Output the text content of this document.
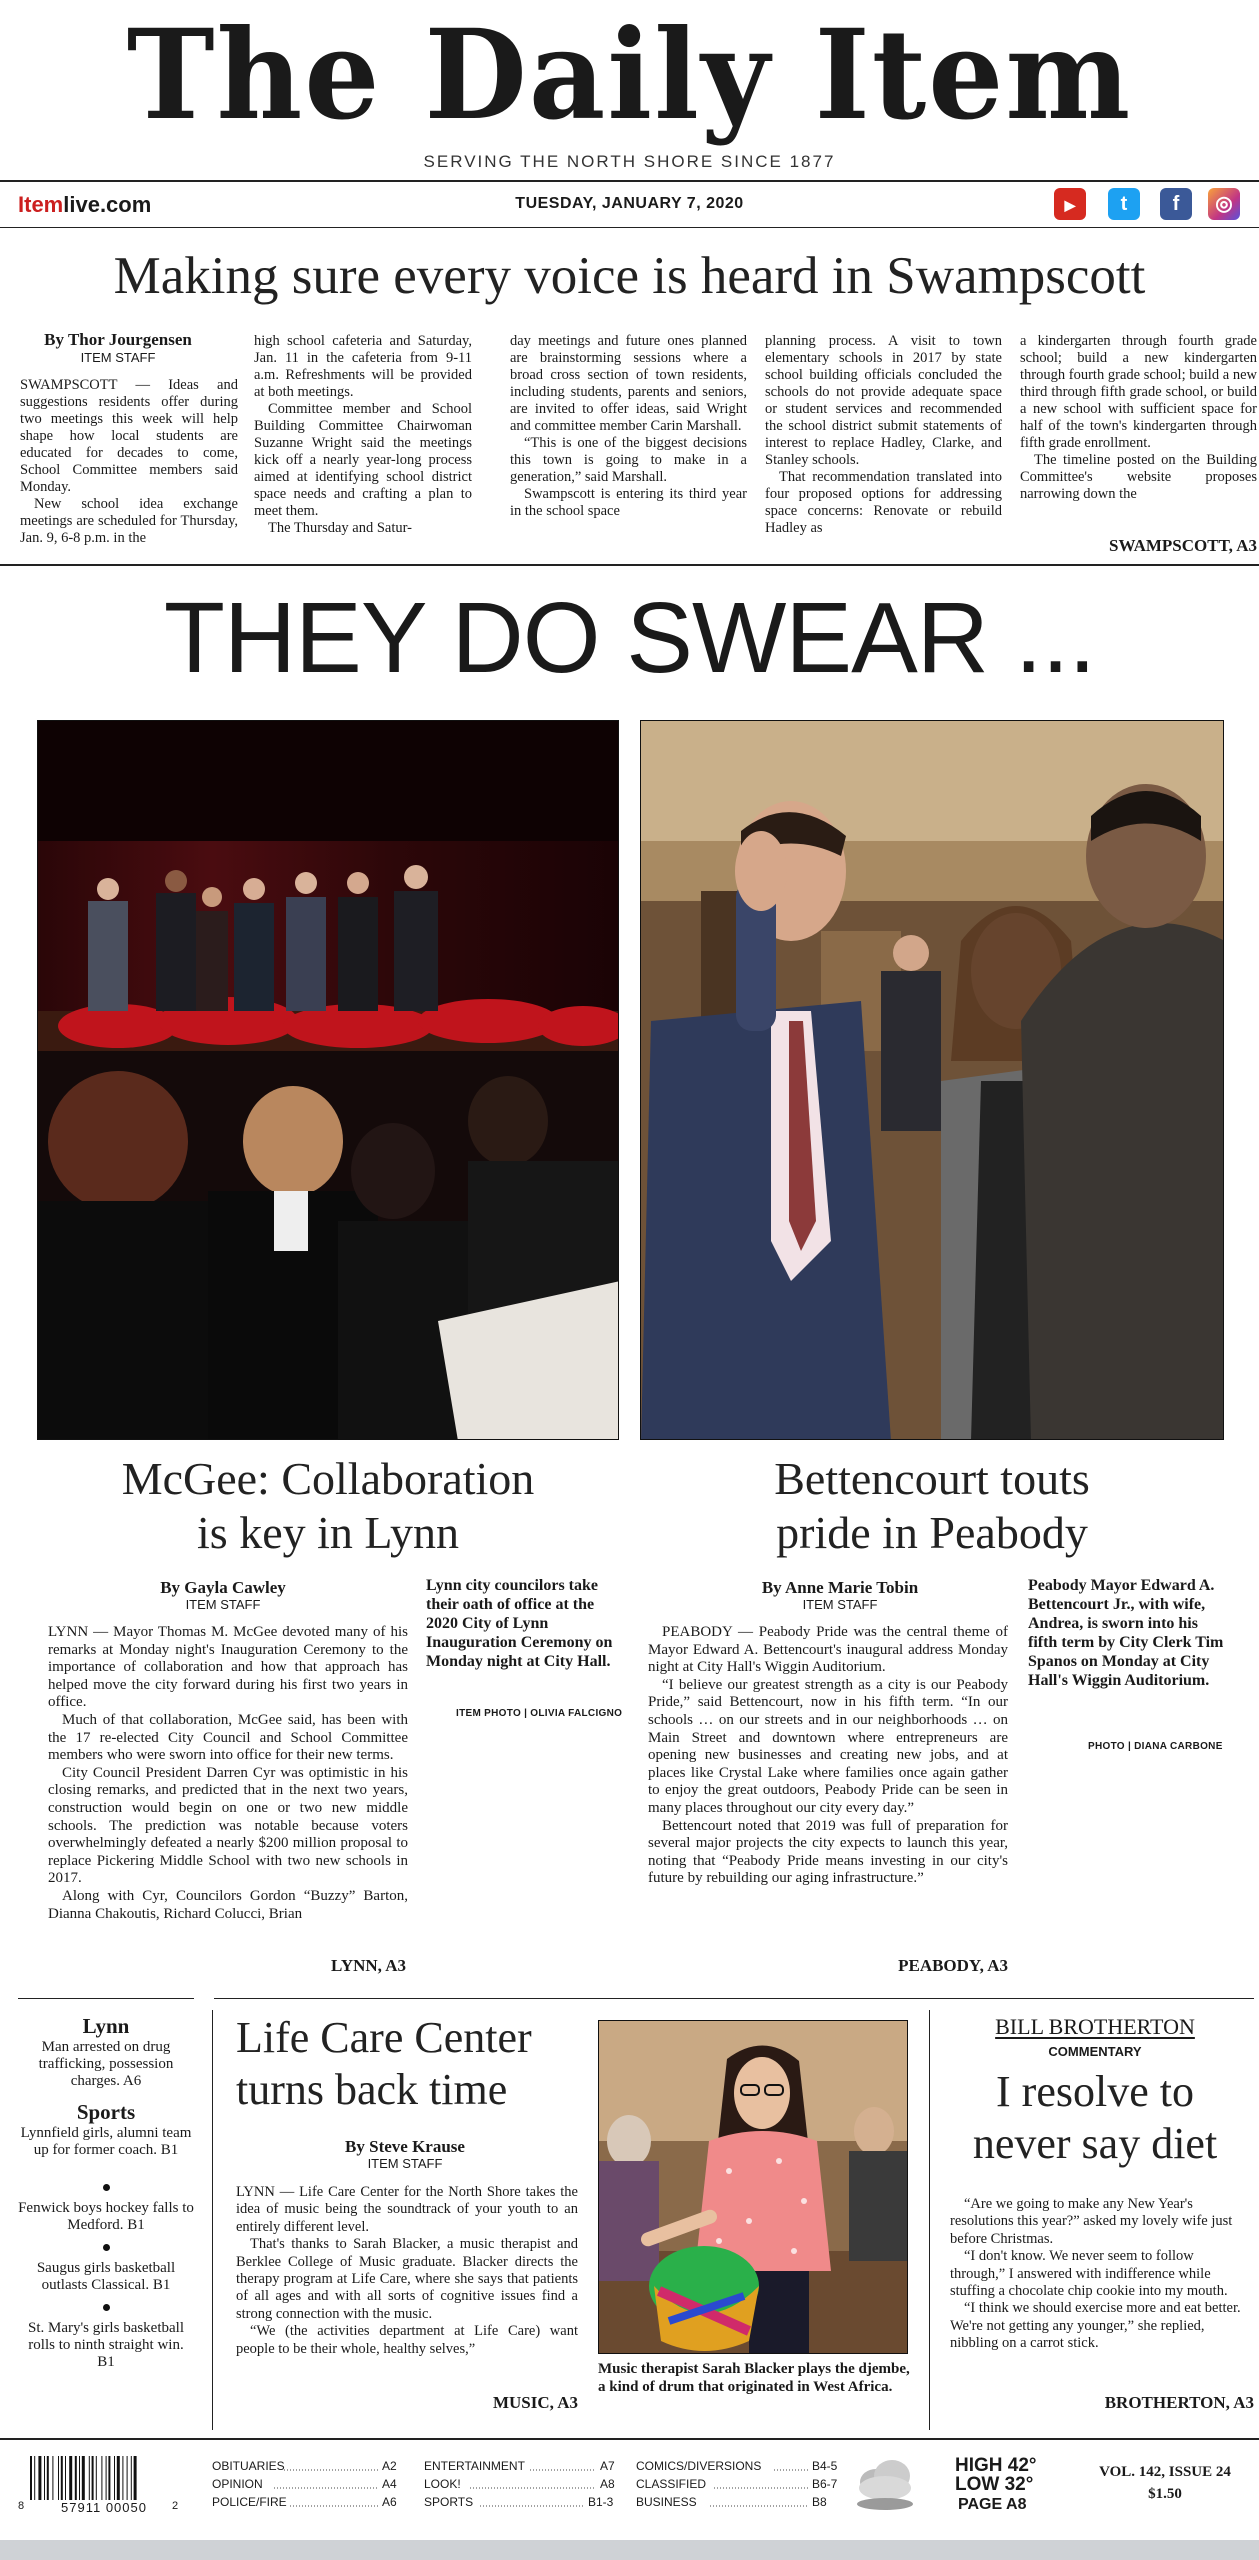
The Daily Item
SERVING THE NORTH SHORE SINCE 1877
Itemlive.com	TUESDAY, JANUARY 7, 2020	▶	t	f	◎
Making sure every voice is heard in Swampscott
By Thor Jourgensen
ITEM STAFF

SWAMPSCOTT — Ideas and suggestions residents offer during two meetings this week will help shape how local students are educated for decades to come, School Committee members said Monday.

New school idea exchange meetings are scheduled for Thursday, Jan. 9, 6-8 p.m. in the

high school cafeteria and Saturday, Jan. 11 in the cafeteria from 9-11 a.m. Refreshments will be provided at both meetings.

Committee member and School Building Committee Chairwoman Suzanne Wright said the meetings kick off a nearly year-long process aimed at identifying school district space needs and crafting a plan to meet them.

The Thursday and Satur-

day meetings and future ones planned are brainstorming sessions where a broad cross section of town residents, including students, parents and seniors, are invited to offer ideas, said Wright and committee member Carin Marshall.

“This is one of the biggest decisions this town is going to make in a generation,” said Marshall.

Swampscott is entering its third year in the school space

planning process. A visit to town elementary schools in 2017 by state school building officials concluded the schools do not provide adequate space or student services and recommended the school district submit statements of interest to replace Hadley, Clarke, and Stanley schools.

That recommendation translated into four proposed options for addressing space concerns: Renovate or rebuild Hadley as

a kindergarten through fourth grade school; build a new kindergarten through fourth grade school; build a new third through fifth grade school, or build a new school with sufficient space for half of the town's kindergarten through fifth grade enrollment.

The timeline posted on the Building Committee's website proposes narrowing down the

SWAMPSCOTT, A3
THEY DO SWEAR ...
McGee: Collaboration
is key in Lynn
By Gayla Cawley
ITEM STAFF

LYNN — Mayor Thomas M. McGee devoted many of his remarks at Monday night's Inauguration Ceremony to the importance of collaboration and how that approach has helped move the city forward during his first two years in office.

Much of that collaboration, McGee said, has been with the 17 re-elected City Council and School Committee members who were sworn into office for their new terms.

City Council President Darren Cyr was optimistic in his closing remarks, and predicted that in the next two years, construction would begin on one or two new middle schools. The prediction was notable because voters overwhelmingly defeated a nearly $200 million proposal to replace Pickering Middle School with two new schools in 2017.

Along with Cyr, Councilors Gordon “Buzzy” Barton, Dianna Chakoutis, Richard Colucci, Brian

LYNN, A3
Lynn city councilors take their oath of office at the 2020 City of Lynn Inauguration Ceremony on Monday night at City Hall.
ITEM PHOTO | OLIVIA FALCIGNO
Bettencourt touts
pride in Peabody
By Anne Marie Tobin
ITEM STAFF

PEABODY — Peabody Pride was the central theme of Mayor Edward A. Bettencourt's inaugural address Monday night at City Hall's Wiggin Auditorium.

“I believe our greatest strength as a city is our Peabody Pride,” said Bettencourt, now in his fifth term. “In our schools … on our streets and in our neighborhoods … on Main Street and downtown where entrepreneurs are opening new businesses and creating new jobs, and at places like Crystal Lake where families once again gather to enjoy the great outdoors, Peabody Pride can be seen in many places throughout our city every day.”

Bettencourt noted that 2019 was full of preparation for several major projects the city expects to launch this year, noting that “Peabody Pride means investing in our city's future by rebuilding our aging infrastructure.”

PEABODY, A3
Peabody Mayor Edward A. Bettencourt Jr., with wife, Andrea, is sworn into his fifth term by City Clerk Tim Spanos on Monday at City Hall's Wiggin Auditorium.
PHOTO | DIANA CARBONE
Lynn
Man arrested on drug trafficking, possession charges. A6
Sports
Lynnfield girls, alumni team up for former coach. B1
Fenwick boys hockey falls to Medford. B1
Saugus girls basketball outlasts Classical. B1
St. Mary's girls basketball rolls to ninth straight win. B1
Life Care Center
turns back time
By Steve Krause
ITEM STAFF

LYNN — Life Care Center for the North Shore takes the idea of music being the soundtrack of your youth to an entirely different level.

That's thanks to Sarah Blacker, a music therapist and Berklee College of Music graduate. Blacker directs the therapy program at Life Care, where she says that patients of all ages and with all sorts of cognitive issues find a strong connection with the music.

“We (the activities department at Life Care) want people to be their whole, healthy selves,”

MUSIC, A3
Music therapist Sarah Blacker plays the djembe, a kind of drum that originated in West Africa.
BILL BROTHERTON
COMMENTARY
I resolve to
never say diet

“Are we going to make any New Year's resolutions this year?” asked my lovely wife just before Christmas.

“I don't know. We never seem to follow through,” I answered with indifference while stuffing a chocolate chip cookie into my mouth.

“I think we should exercise more and eat better. We're not getting any younger,” she replied, nibbling on a carrot stick.

BROTHERTON, A3
8	57911 00050	2
OBITUARIES	A2
OPINION	A4
POLICE/FIRE	A6
ENTERTAINMENT	A7
LOOK!	A8
SPORTS	B1-3
COMICS/DIVERSIONS	B4-5
CLASSIFIED	B6-7
BUSINESS	B8
HIGH 42°
LOW 32°
PAGE A8
VOL. 142, ISSUE 24
$1.50
